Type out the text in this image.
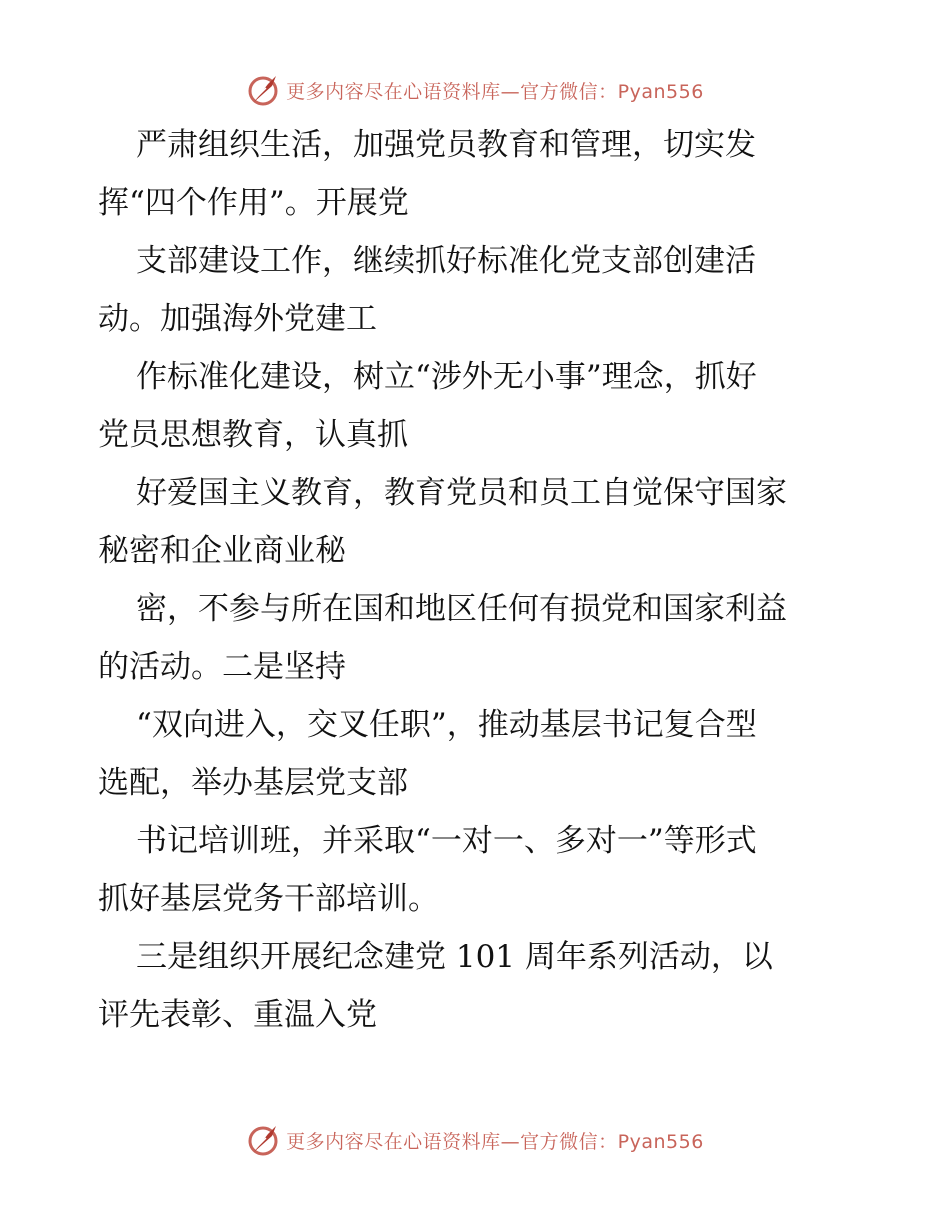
更多内容尽在心语资料库—官方微信：Pyan556
严肃组织生活，加强党员教育和管理，切实发
挥“四个作用”。开展党
支部建设工作，继续抓好标准化党支部创建活
动。加强海外党建工
作标准化建设，树立“涉外无小事”理念，抓好
党员思想教育，认真抓
好爱国主义教育，教育党员和员工自觉保守国家
秘密和企业商业秘
密，不参与所在国和地区任何有损党和国家利益
的活动。二是坚持
“双向进入，交叉任职”，推动基层书记复合型
选配，举办基层党支部
书记培训班，并采取“一对一、多对一”等形式
抓好基层党务干部培训。
三是组织开展纪念建党 101 周年系列活动，以
评先表彰、重温入党
更多内容尽在心语资料库—官方微信：Pyan556
